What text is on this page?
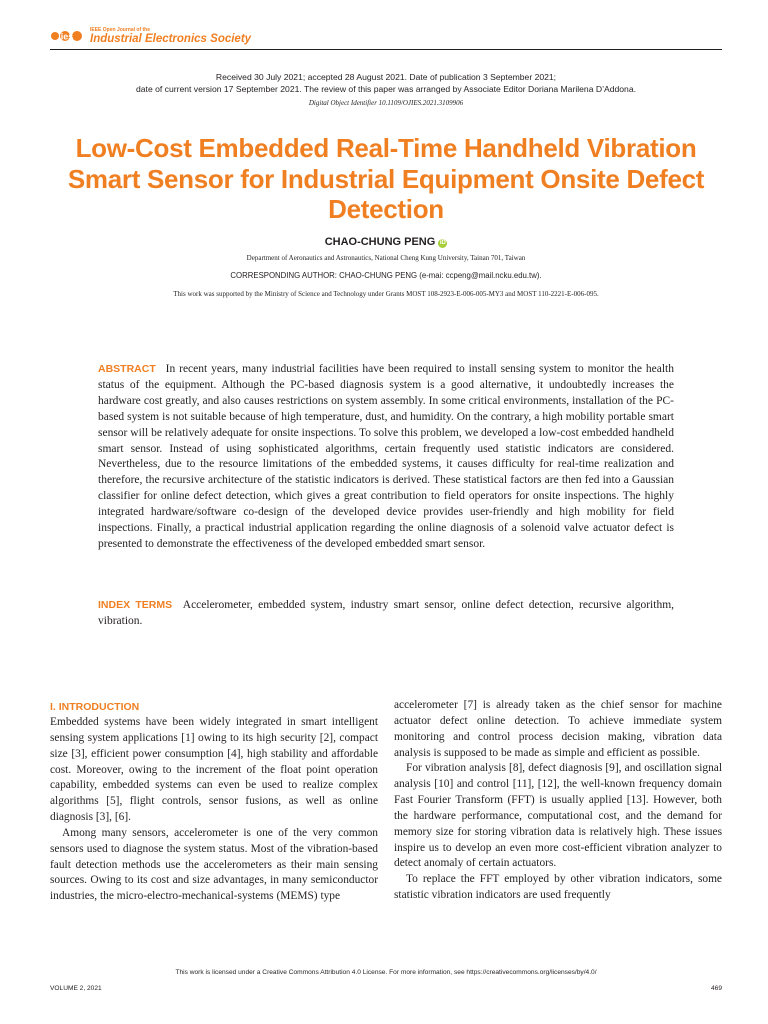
ies
IEEE Open Journal of the
Industrial Electronics Society
Received 30 July 2021; accepted 28 August 2021. Date of publication 3 September 2021;
date of current version 17 September 2021. The review of this paper was arranged by Associate Editor Doriana Marilena D’Addona.
Digital Object Identifier 10.1109/OJIES.2021.3109906
Low-Cost Embedded Real-Time Handheld Vibration Smart Sensor for Industrial Equipment Onsite Defect Detection
CHAO-CHUNG PENG iD
Department of Aeronautics and Astronautics, National Cheng Kung University, Tainan 701, Taiwan
CORRESPONDING AUTHOR: CHAO-CHUNG PENG (e-mai: ccpeng@mail.ncku.edu.tw).
This work was supported by the Ministry of Science and Technology under Grants MOST 108-2923-E-006-005-MY3 and MOST 110-2221-E-006-095.
ABSTRACT In recent years, many industrial facilities have been required to install sensing system to monitor the health status of the equipment. Although the PC-based diagnosis system is a good alternative, it undoubtedly increases the hardware cost greatly, and also causes restrictions on system assembly. In some critical environments, installation of the PC-based system is not suitable because of high temperature, dust, and humidity. On the contrary, a high mobility portable smart sensor will be relatively adequate for onsite inspections. To solve this problem, we developed a low-cost embedded handheld smart sensor. Instead of using sophisticated algorithms, certain frequently used statistic indicators are considered. Nevertheless, due to the resource limitations of the embedded systems, it causes difficulty for real-time realization and therefore, the recursive architecture of the statistic indicators is derived. These statistical factors are then fed into a Gaussian classifier for online defect detection, which gives a great contribution to field operators for onsite inspections. The highly integrated hardware/software co-design of the developed device provides user-friendly and high mobility for field inspections. Finally, a practical industrial application regarding the online diagnosis of a solenoid valve actuator defect is presented to demonstrate the effectiveness of the developed embedded smart sensor.
INDEX TERMS Accelerometer, embedded system, industry smart sensor, online defect detection, recursive algorithm, vibration.
I. INTRODUCTION

Embedded systems have been widely integrated in smart intelligent sensing system applications [1] owing to its high security [2], compact size [3], efficient power consumption [4], high stability and affordable cost. Moreover, owing to the increment of the float point operation capability, embedded systems can even be used to realize complex algorithms [5], flight controls, sensor fusions, as well as online diagnosis [3], [6].

Among many sensors, accelerometer is one of the very common sensors used to diagnose the system status. Most of the vibration-based fault detection methods use the accelerometers as their main sensing sources. Owing to its cost and size advantages, in many semiconductor industries, the micro-electro-mechanical-systems (MEMS) type

accelerometer [7] is already taken as the chief sensor for machine actuator defect online detection. To achieve immediate system monitoring and control process decision making, vibration data analysis is supposed to be made as simple and efficient as possible.

For vibration analysis [8], defect diagnosis [9], and oscillation signal analysis [10] and control [11], [12], the well-known frequency domain Fast Fourier Transform (FFT) is usually applied [13]. However, both the hardware performance, computational cost, and the demand for memory size for storing vibration data is relatively high. These issues inspire us to develop an even more cost-efficient vibration analyzer to detect anomaly of certain actuators.

To replace the FFT employed by other vibration indicators, some statistic vibration indicators are used frequently

This work is licensed under a Creative Commons Attribution 4.0 License. For more information, see https://creativecommons.org/licenses/by/4.0/
VOLUME 2, 2021	469
